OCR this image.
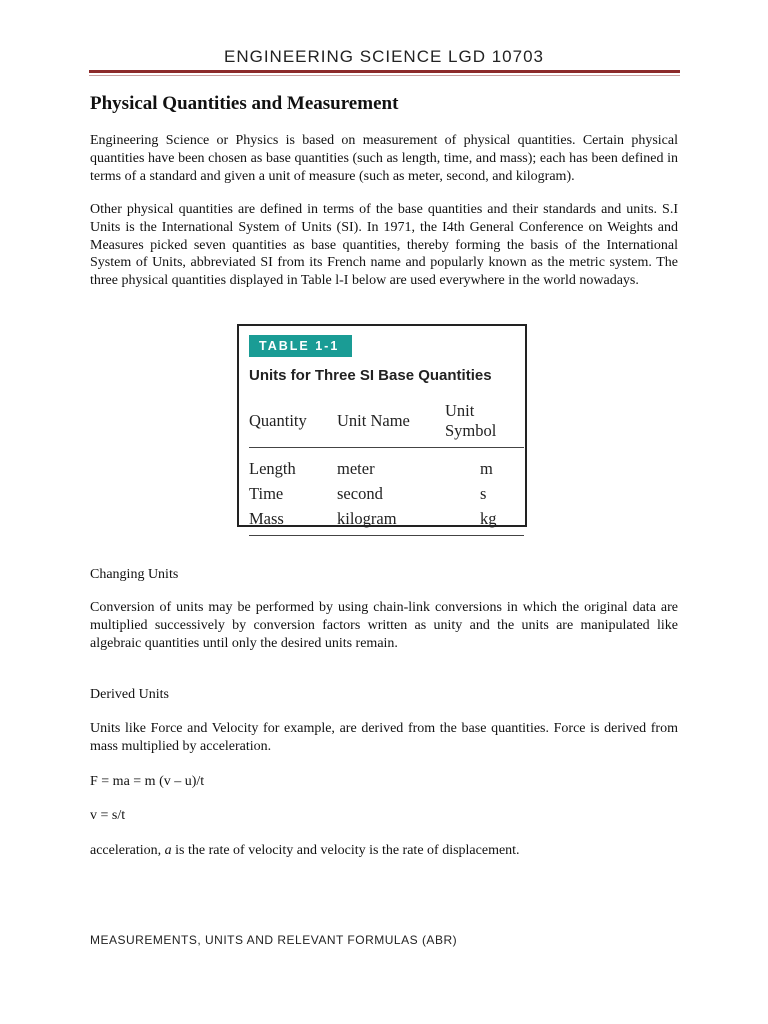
ENGINEERING SCIENCE LGD 10703
Physical Quantities and Measurement

Engineering Science or Physics is based on measurement of physical quantities. Certain physical quantities have been chosen as base quantities (such as length, time, and mass); each has been defined in terms of a standard and given a unit of measure (such as meter, second, and kilogram).

Other physical quantities are defined in terms of the base quantities and their standards and units. S.I Units is the International System of Units (SI). In 1971, the I4th General Conference on Weights and Measures picked seven quantities as base quantities, thereby forming the basis of the International System of Units, abbreviated SI from its French name and popularly known as the metric system. The three physical quantities displayed in Table l-I below are used everywhere in the world nowadays.

TABLE 1-1
Units for Three SI Base Quantities
Quantity	Unit Name	Unit Symbol
Length	meter	m
Time	second	s
Mass	kilogram	kg

Changing Units

Conversion of units may be performed by using chain-link conversions in which the original data are multiplied successively by conversion factors written as unity and the units are manipulated like algebraic quantities until only the desired units remain.

Derived Units

Units like Force and Velocity for example, are derived from the base quantities. Force is derived from mass multiplied by acceleration.

F = ma = m (v – u)/t
v = s/t
acceleration, a is the rate of velocity and velocity is the rate of displacement.
MEASUREMENTS, UNITS AND RELEVANT FORMULAS (ABR)
